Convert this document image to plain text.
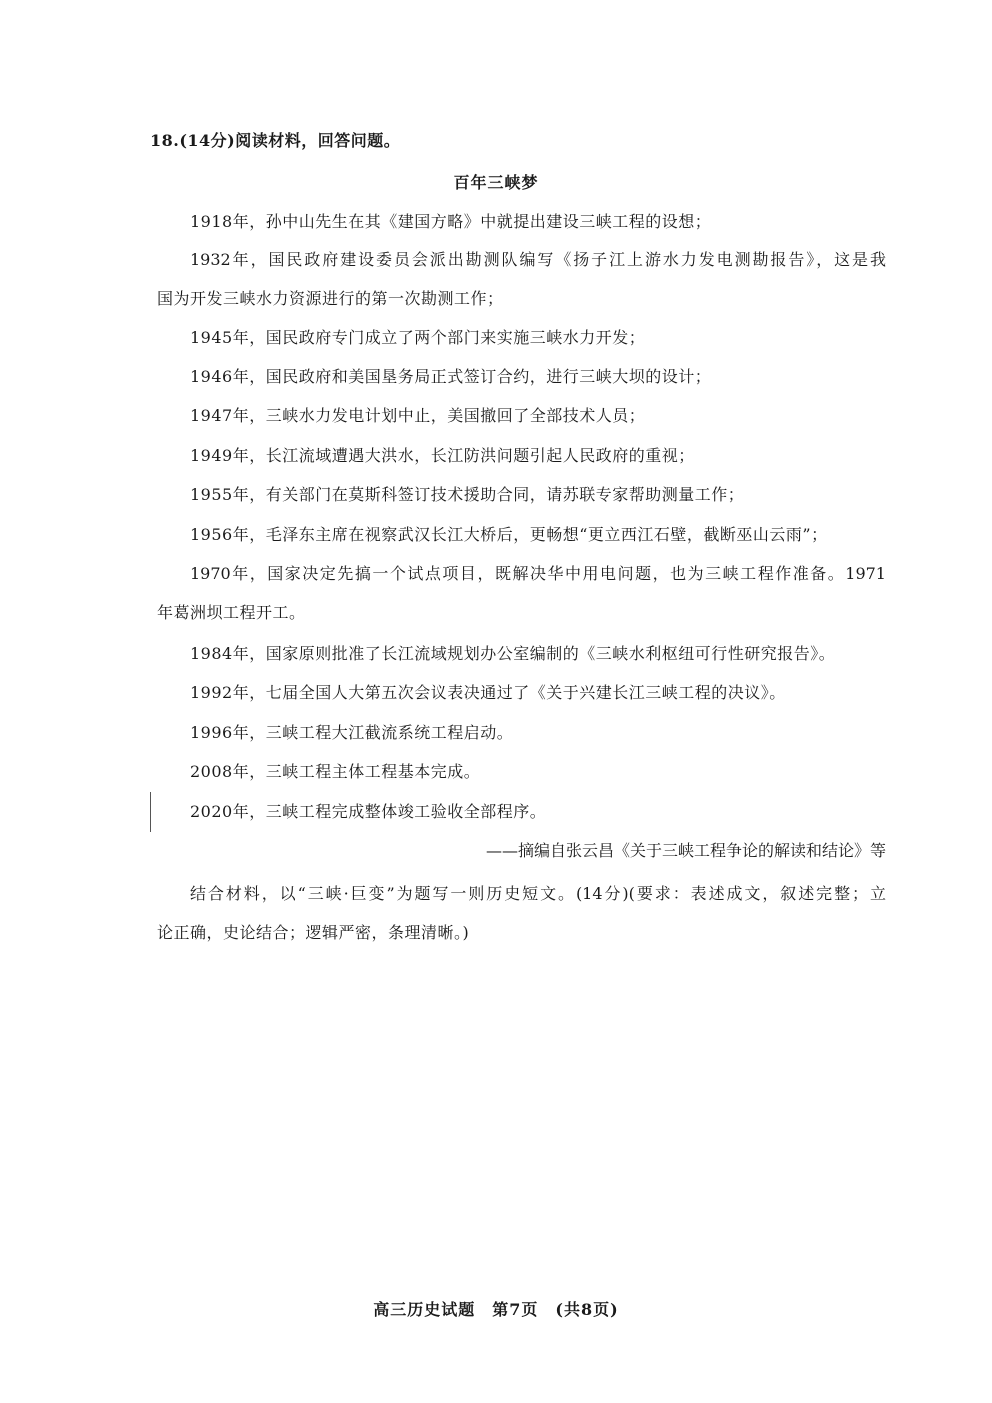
18.(14分)阅读材料，回答问题。
百年三峡梦
1918年，孙中山先生在其《建国方略》中就提出建设三峡工程的设想；
1932年，国民政府建设委员会派出勘测队编写《扬子江上游水力发电测勘报告》，这是我
国为开发三峡水力资源进行的第一次勘测工作；
1945年，国民政府专门成立了两个部门来实施三峡水力开发；
1946年，国民政府和美国垦务局正式签订合约，进行三峡大坝的设计；
1947年，三峡水力发电计划中止，美国撤回了全部技术人员；
1949年，长江流域遭遇大洪水，长江防洪问题引起人民政府的重视；
1955年，有关部门在莫斯科签订技术援助合同，请苏联专家帮助测量工作；
1956年，毛泽东主席在视察武汉长江大桥后，更畅想“更立西江石壁，截断巫山云雨”；
1970年，国家决定先搞一个试点项目，既解决华中用电问题，也为三峡工程作准备。1971
年葛洲坝工程开工。
1984年，国家原则批准了长江流域规划办公室编制的《三峡水利枢纽可行性研究报告》。
1992年，七届全国人大第五次会议表决通过了《关于兴建长江三峡工程的决议》。
1996年，三峡工程大江截流系统工程启动。
2008年，三峡工程主体工程基本完成。
2020年，三峡工程完成整体竣工验收全部程序。
——摘编自张云昌《关于三峡工程争论的解读和结论》等
结合材料，以“三峡·巨变”为题写一则历史短文。(14分)(要求：表述成文，叙述完整；立
论正确，史论结合；逻辑严密，条理清晰。)
高三历史试题　第7页　(共8页)
